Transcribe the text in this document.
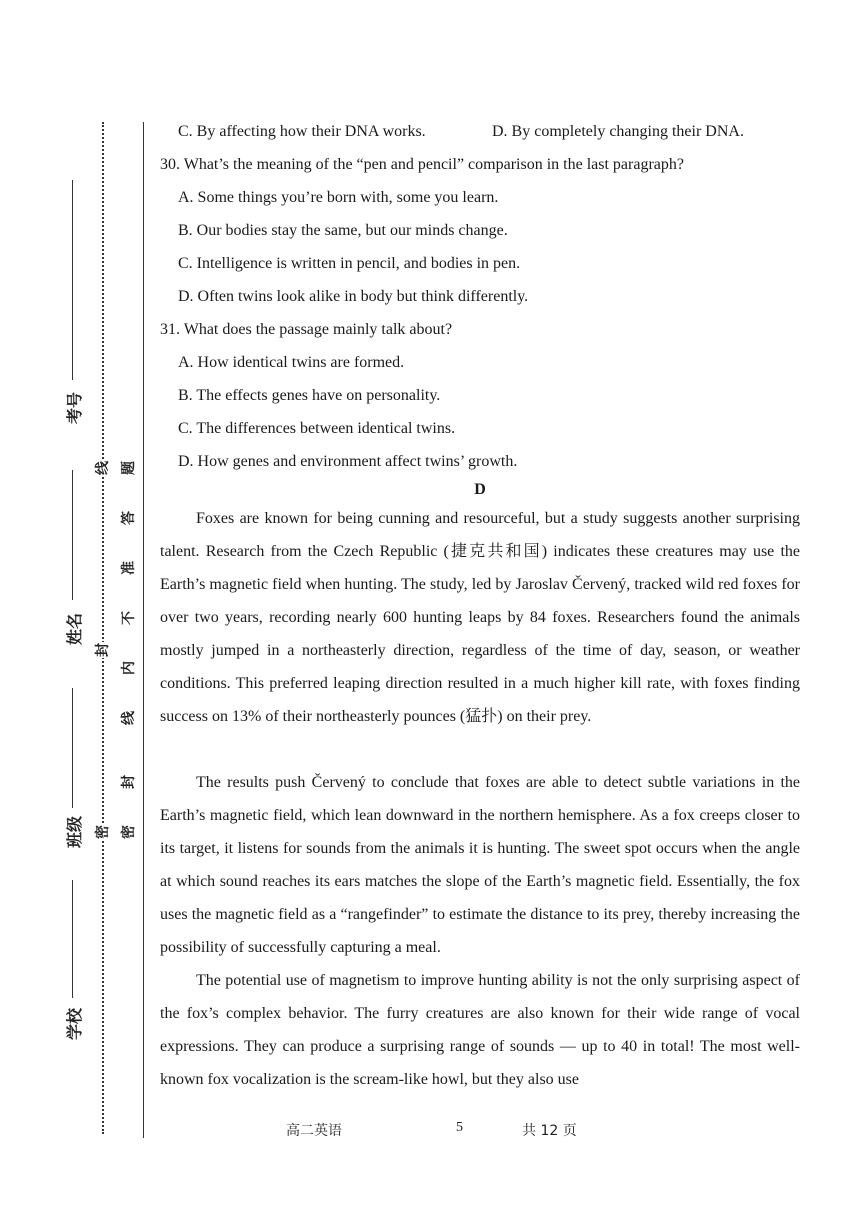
考号
姓名
班级
学校
线
封
密
题
答
准
不
内
线
封
密
C. By affecting how their DNA works.	D. By completely changing their DNA.
30. What’s the meaning of the “pen and pencil” comparison in the last paragraph?
A. Some things you’re born with, some you learn.
B. Our bodies stay the same, but our minds change.
C. Intelligence is written in pencil, and bodies in pen.
D. Often twins look alike in body but think differently.
31. What does the passage mainly talk about?
A. How identical twins are formed.
B. The effects genes have on personality.
C. The differences between identical twins.
D. How genes and environment affect twins’ growth.
D
Foxes are known for being cunning and resourceful, but a study suggests another surprising talent. Research from the Czech Republic (捷克共和国) indicates these creatures may use the Earth’s magnetic field when hunting. The study, led by Jaroslav Červený, tracked wild red foxes for over two years, recording nearly 600 hunting leaps by 84 foxes. Researchers found the animals mostly jumped in a northeasterly direction, regardless of the time of day, season, or weather conditions. This preferred leaping direction resulted in a much higher kill rate, with foxes finding success on 13% of their northeasterly pounces (猛扑) on their prey.
The results push Červený to conclude that foxes are able to detect subtle variations in the Earth’s magnetic field, which lean downward in the northern hemisphere. As a fox creeps closer to its target, it listens for sounds from the animals it is hunting. The sweet spot occurs when the angle at which sound reaches its ears matches the slope of the Earth’s magnetic field. Essentially, the fox uses the magnetic field as a “rangefinder” to estimate the distance to its prey, thereby increasing the possibility of successfully capturing a meal.
The potential use of magnetism to improve hunting ability is not the only surprising aspect of the fox’s complex behavior. The furry creatures are also known for their wide range of vocal expressions. They can produce a surprising range of sounds — up to 40 in total! The most well-known fox vocalization is the scream-like howl, but they also use
高二英语	5	共 12 页
